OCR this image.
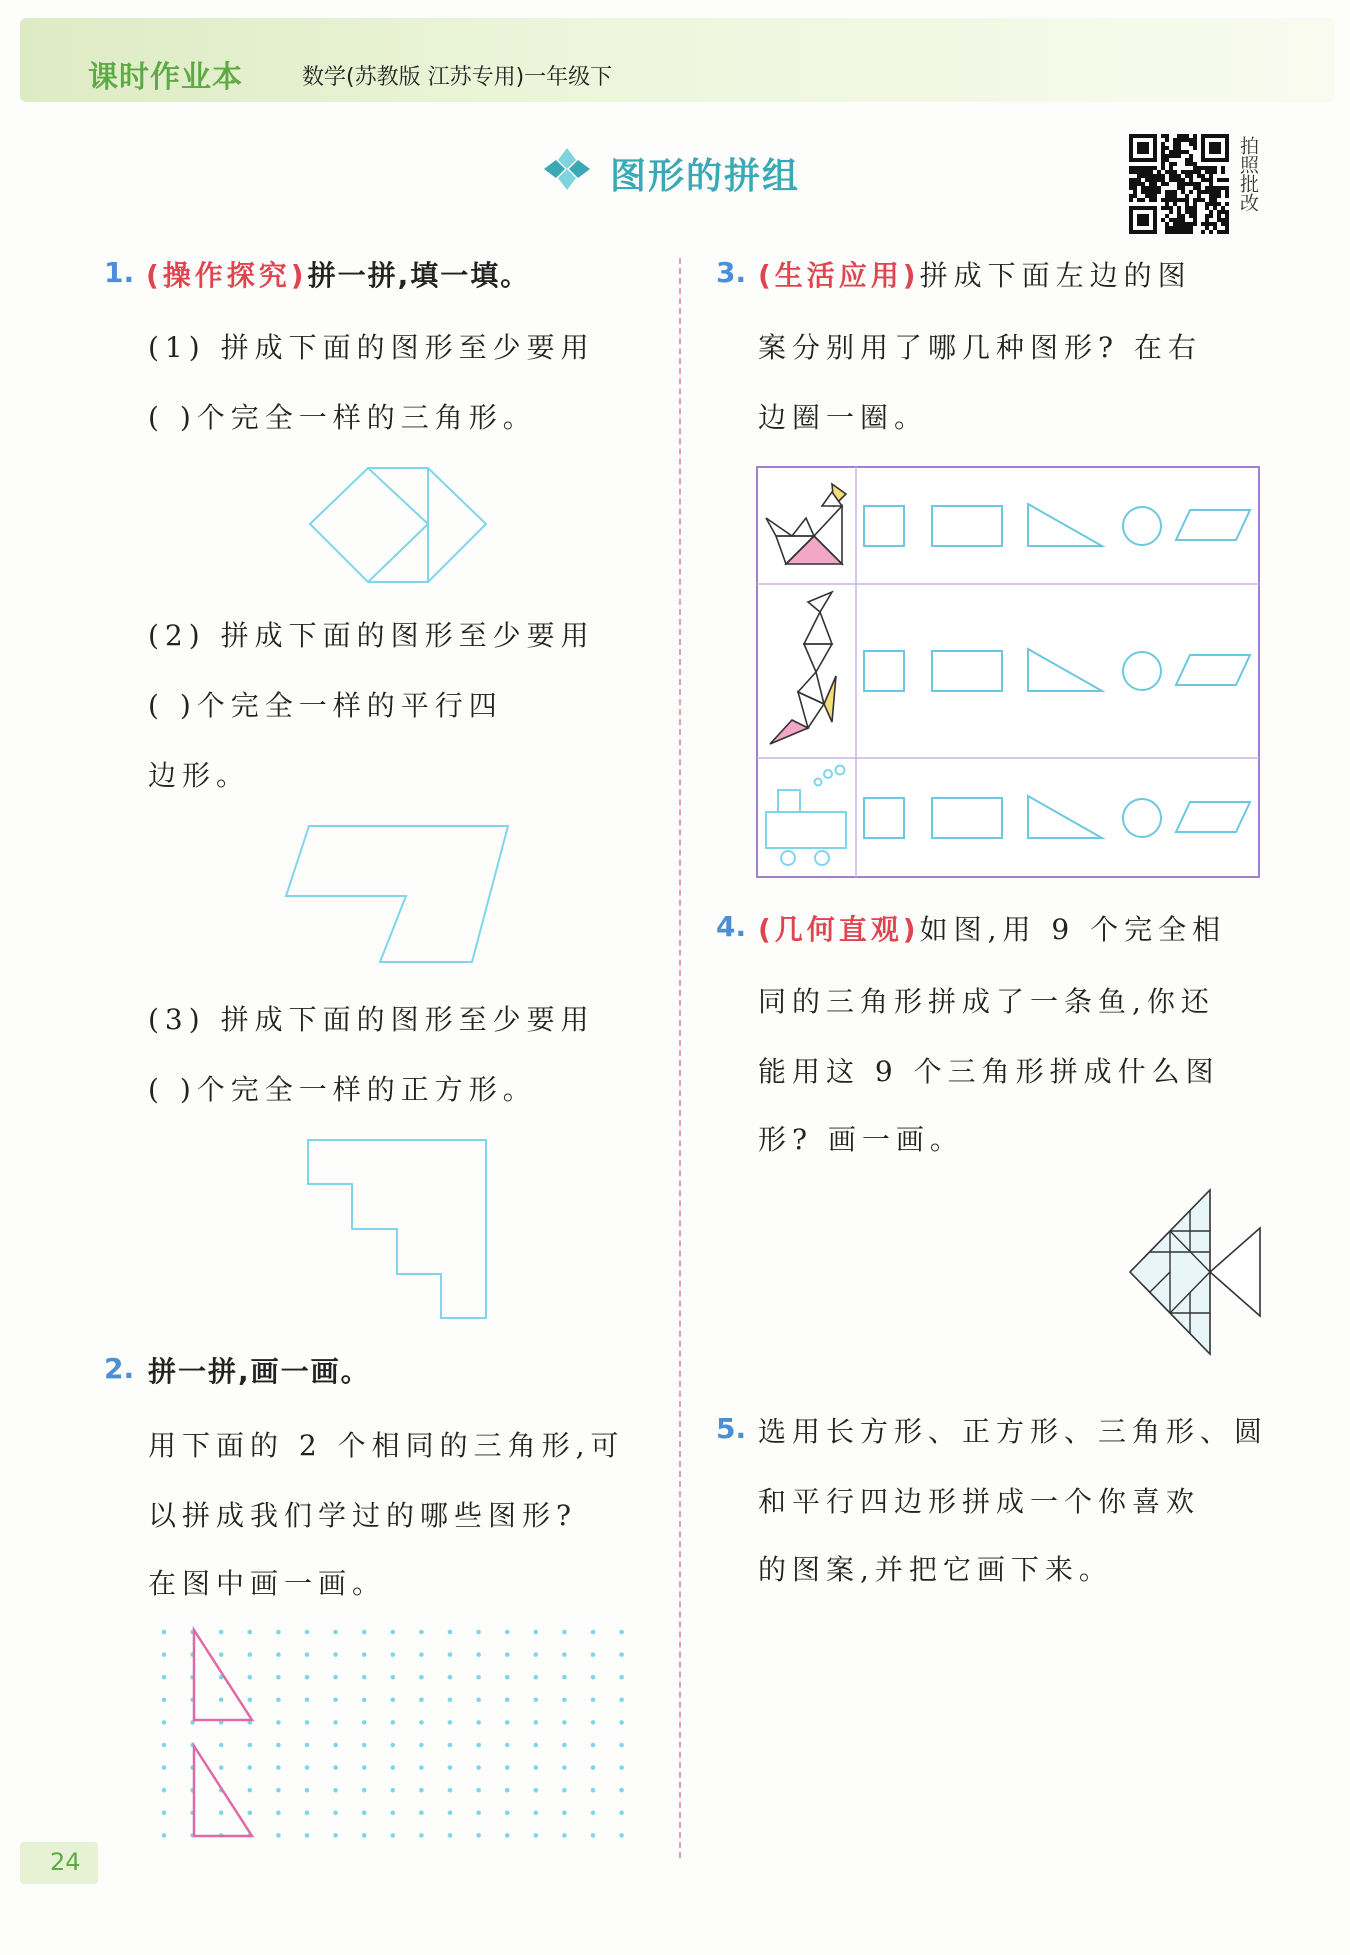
课时作业本	数学(苏教版 江苏专用)一年级下
图形的拼组	拍照批改
1. (操作探究)拼一拼,填一填。
(1) 拼成下面的图形至少要用
( )个完全一样的三角形。
(2) 拼成下面的图形至少要用
( )个完全一样的平行四
边形。
(3) 拼成下面的图形至少要用
( )个完全一样的正方形。
2. 拼一拼,画一画。
用下面的 2 个相同的三角形,可
以拼成我们学过的哪些图形?
在图中画一画。
3. (生活应用)拼成下面左边的图
案分别用了哪几种图形? 在右
边圈一圈。
4. (几何直观)如图,用 9 个完全相
同的三角形拼成了一条鱼,你还
能用这 9 个三角形拼成什么图
形? 画一画。
5. 选用长方形、正方形、三角形、圆
和平行四边形拼成一个你喜欢
的图案,并把它画下来。
24
